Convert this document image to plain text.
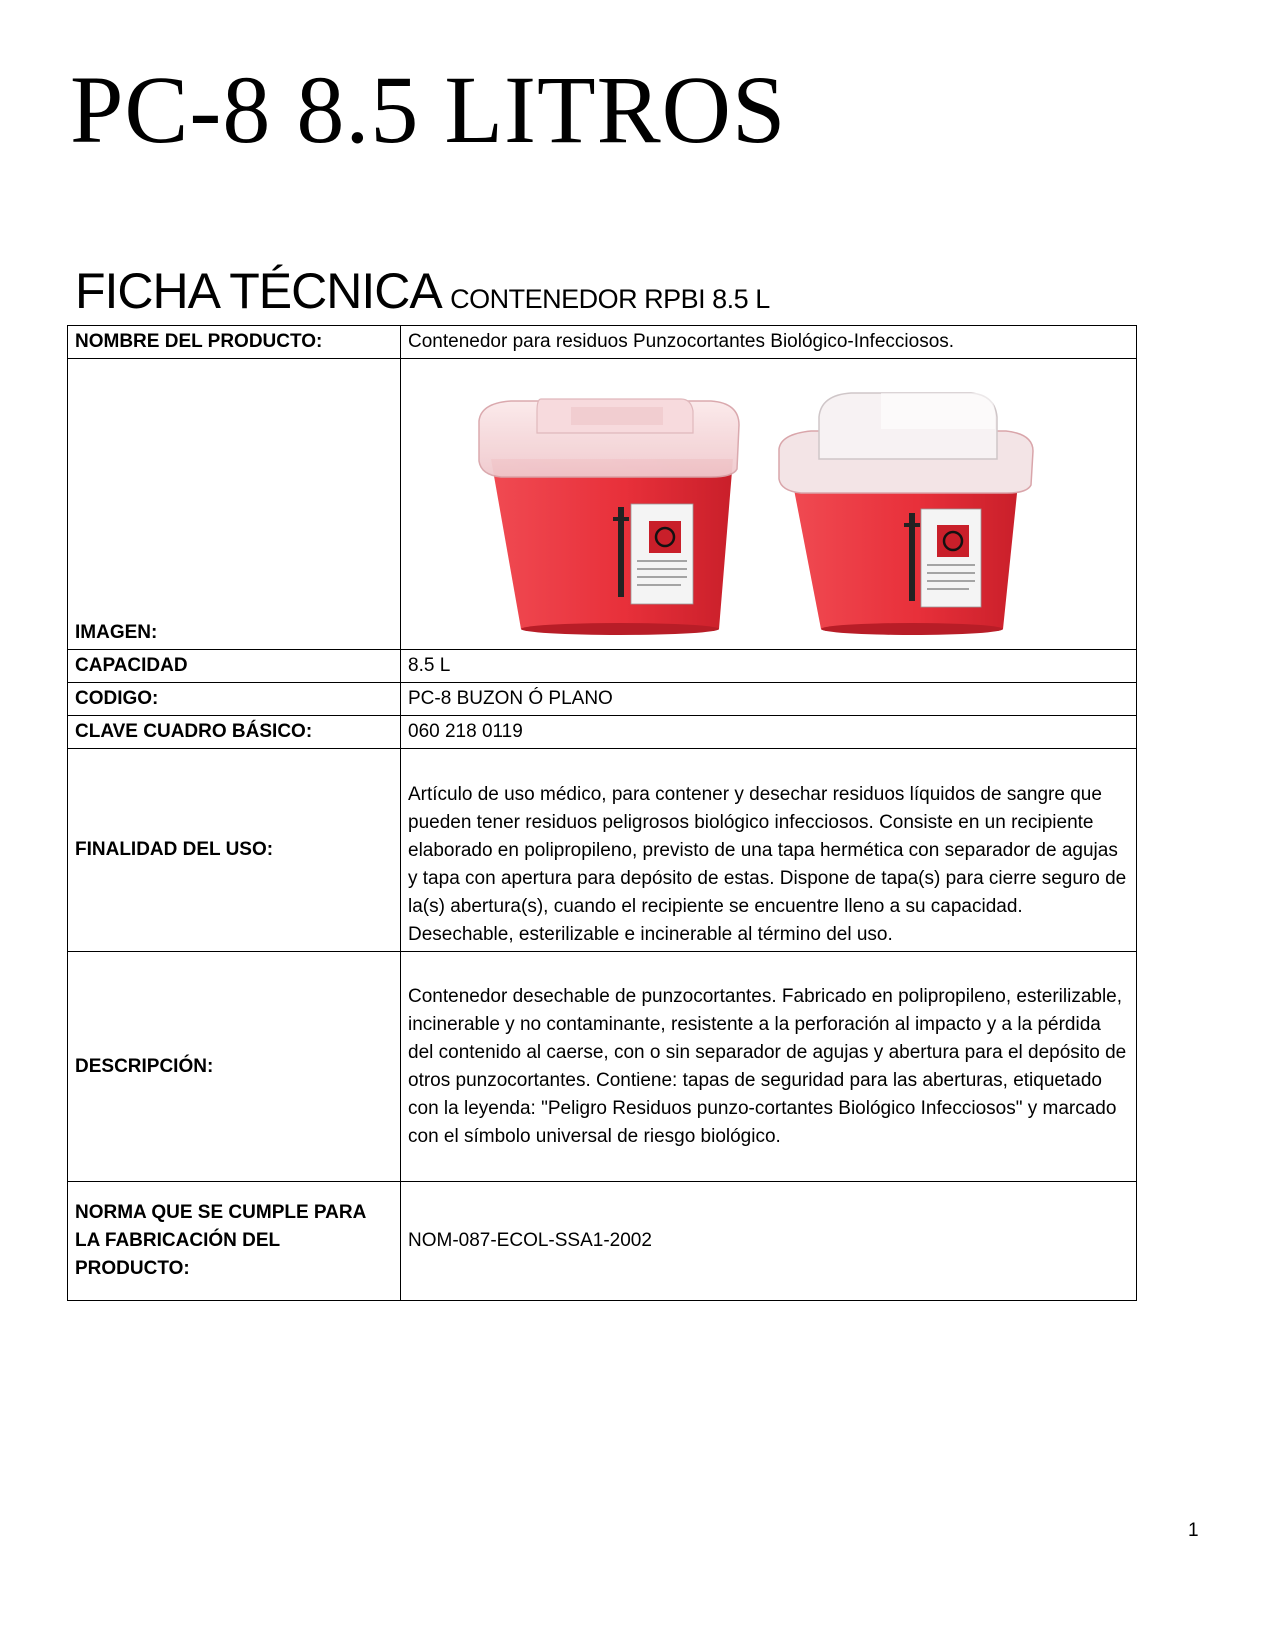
PC-8 8.5 LITROS
FICHA TÉCNICA CONTENEDOR RPBI 8.5 L
NOMBRE DEL PRODUCTO:	Contenedor para residuos Punzocortantes Biológico-Infecciosos.
IMAGEN:	

CAPACIDAD	8.5 L
CODIGO:	PC-8 BUZON Ó PLANO
CLAVE CUADRO BÁSICO:	060 218 0119
FINALIDAD DEL USO:	Artículo de uso médico, para contener y desechar residuos líquidos de sangre que pueden tener residuos peligrosos biológico infecciosos. Consiste en un recipiente elaborado en polipropileno, previsto de una tapa hermética con separador de agujas y tapa con apertura para depósito de estas. Dispone de tapa(s) para cierre seguro de la(s) abertura(s), cuando el recipiente se encuentre lleno a su capacidad. Desechable, esterilizable e incinerable al término del uso.
DESCRIPCIÓN:	Contenedor desechable de punzocortantes. Fabricado en polipropileno, esterilizable, incinerable y no contaminante, resistente a la perforación al impacto y a la pérdida del contenido al caerse, con o sin separador de agujas y abertura para el depósito de otros punzocortantes. Contiene: tapas de seguridad para las aberturas, etiquetado con la leyenda: "Peligro Residuos punzo-cortantes Biológico Infecciosos" y marcado con el símbolo universal de riesgo biológico.
NORMA QUE SE CUMPLE PARA LA FABRICACIÓN DEL PRODUCTO:	NOM-087-ECOL-SSA1-2002
1
